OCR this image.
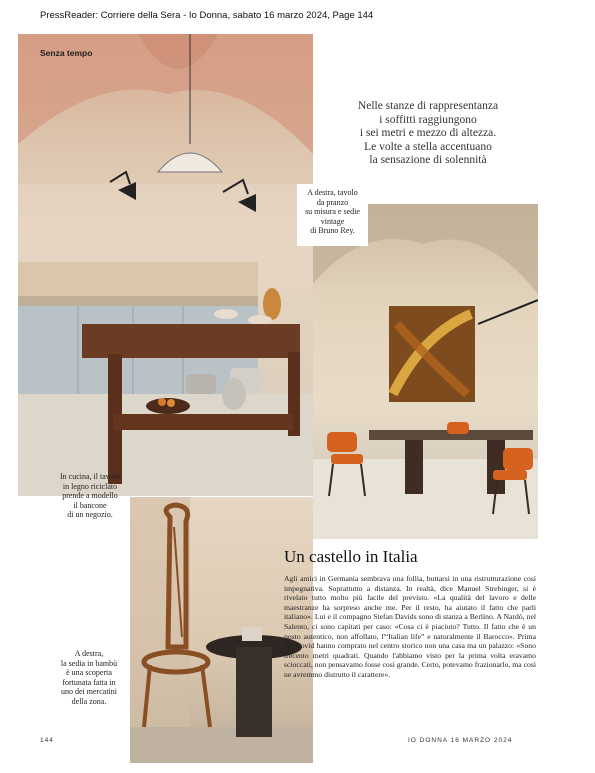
PressReader: Corriere della Sera - Io Donna, sabato 16 marzo 2024, Page 144
Senza tempo
Nelle stanze di rappresentanza
i soffitti raggiungono
i sei metri e mezzo di altezza.
Le volte a stella accentuano
la sensazione di solennità
A destra, tavolo
da pranzo
su misura e sedie
vintage
di Bruno Rey.
In cucina, il tavolo
in legno riciclato
prende a modello
il bancone
di un negozio.
A destra,
la sedia in bambù
è una scoperta
fortunata fatta in
uno dei mercatini
della zona.
Un castello in Italia
Agli amici in Germania sembrava una follia, buttarsi in una ristrutturazione così impegnativa. Soprattutto a distanza. In realtà, dice Manuel Strebinger, si è rivelato tutto molto più facile del previsto. «La qualità del lavoro e delle maestranze ha sorpreso anche me. Per il resto, ha aiutato il fatto che parli italiano». Lui e il compagno Stefan Davids sono di stanza a Berlino. A Nardò, nel Salento, ci sono capitati per caso: «Cosa ci è piaciuto? Tutto. Il fatto che è un posto autentico, non affollato, l'“Italian life” e naturalmente il Barocco». Prima del Covid hanno comprato nel centro storico non una casa ma un palazzo: «Sono trecento metri quadrati. Quando l'abbiamo visto per la prima volta eravamo scioccati, non pensavamo fosse così grande. Certo, potevamo frazionarlo, ma così ne avremmo distrutto il carattere».
144	IO DONNA 16 MARZO 2024
